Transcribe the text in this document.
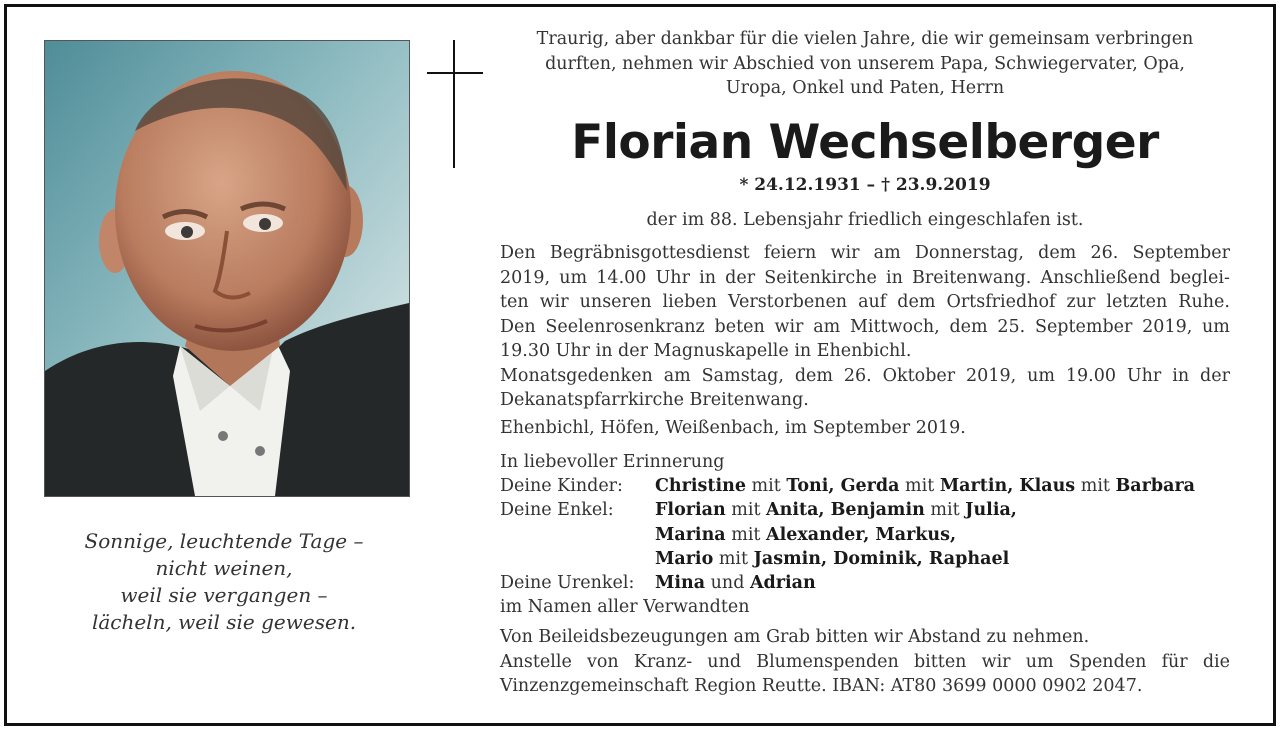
Sonnige, leuchtende Tage –
nicht weinen,
weil sie vergangen –
lächeln, weil sie gewesen.
Traurig, aber dankbar für die vielen Jahre, die wir gemeinsam verbringen
durften, nehmen wir Abschied von unserem Papa, Schwiegervater, Opa,
Uropa, Onkel und Paten, Herrn
Florian Wechselberger
* 24.12.1931 – † 23.9.2019
der im 88. Lebensjahr friedlich eingeschlafen ist.
Den Begräbnisgottesdienst feiern wir am Donnerstag, dem 26. September
2019, um 14.00 Uhr in der Seitenkirche in Breitenwang. Anschließend beglei-
ten wir unseren lieben Verstorbenen auf dem Ortsfriedhof zur letzten Ruhe.
Den Seelenrosenkranz beten wir am Mittwoch, dem 25. September 2019, um
19.30 Uhr in der Magnuskapelle in Ehenbichl.
Monatsgedenken am Samstag, dem 26. Oktober 2019, um 19.00 Uhr in der
Dekanatspfarrkirche Breitenwang.
Ehenbichl, Höfen, Weißenbach, im September 2019.
In liebevoller Erinnerung
Deine Kinder:	Christine mit Toni, Gerda mit Martin, Klaus mit Barbara
Deine Enkel:	Florian mit Anita, Benjamin mit Julia,
Marina mit Alexander, Markus,
Mario mit Jasmin, Dominik, Raphael
Deine Urenkel:	Mina und Adrian
im Namen aller Verwandten
Von Beileidsbezeugungen am Grab bitten wir Abstand zu nehmen.
Anstelle von Kranz- und Blumenspenden bitten wir um Spenden für die
Vinzenzgemeinschaft Region Reutte. IBAN: AT80 3699 0000 0902 2047.
